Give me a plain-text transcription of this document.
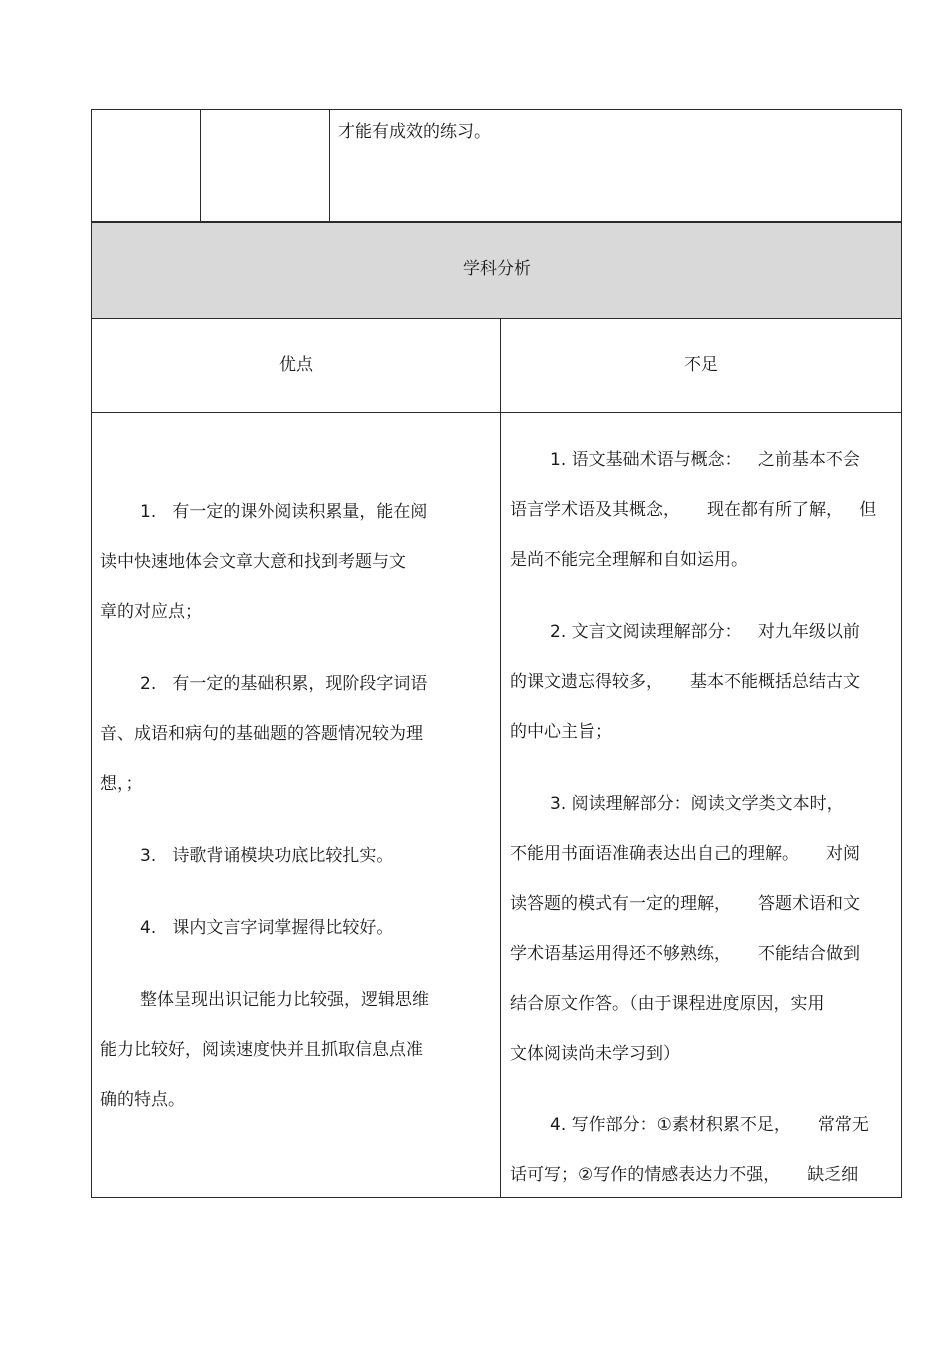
才能有成效的练习。
学科分析
优点	不足
1.   有一定的课外阅读积累量，能在阅
读中快速地体会文章大意和找到考题与文
章的对应点；
2.   有一定的基础积累，现阶段字词语
音、成语和病句的基础题的答题情况较为理
想，；
3.   诗歌背诵模块功底比较扎实。
4.   课内文言字词掌握得比较好。
整体呈现出识记能力比较强，逻辑思维
能力比较好，阅读速度快并且抓取信息点准
确的特点。
1. 语文基础术语与概念：   之前基本不会
语言学术语及其概念，     现在都有所了解，   但
是尚不能完全理解和自如运用。
2. 文言文阅读理解部分：   对九年级以前
的课文遗忘得较多，     基本不能概括总结古文
的中心主旨；
3. 阅读理解部分：阅读文学类文本时，
不能用书面语准确表达出自己的理解。     对阅
读答题的模式有一定的理解，     答题术语和文
学术语基运用得还不够熟练，     不能结合做到
结合原文作答。（由于课程进度原因，实用
文体阅读尚未学习到）
4. 写作部分：①素材积累不足，     常常无
话可写；②写作的情感表达力不强，     缺乏细
